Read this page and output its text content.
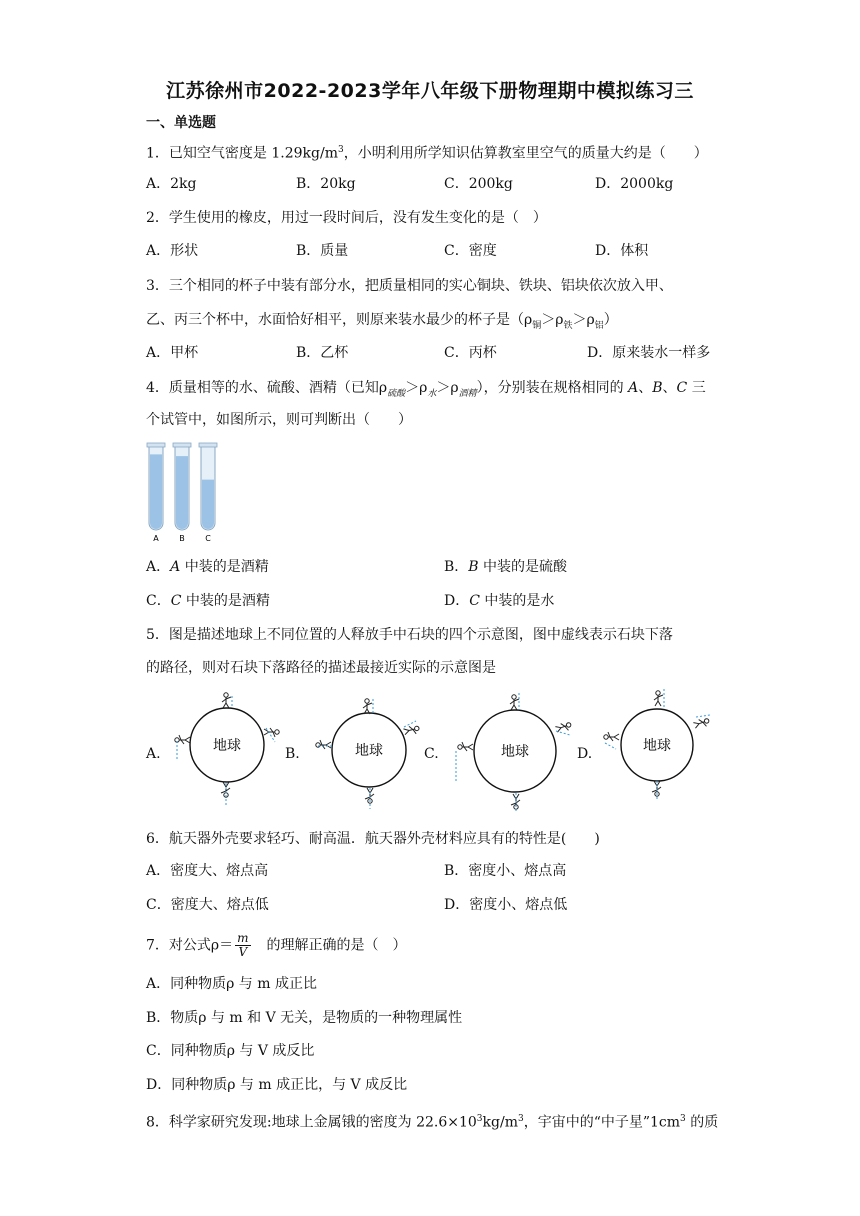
江苏徐州市2022-2023学年八年级下册物理期中模拟练习三
一、单选题
1．已知空气密度是 $1.29kg/m^3$，小明利用所学知识估算教室里空气的质量大约是（　　）
A．2kg	B．20kg	C．200kg	D．2000kg
2．学生使用的橡皮，用过一段时间后，没有发生变化的是（　）
A．形状	B．质量	C．密度	D．体积
3．三个相同的杯子中装有部分水，把质量相同的实心铜块、铁块、铝块依次放入甲、
乙、丙三个杯中，水面恰好相平，则原来装水最少的杯子是$(\rho_铜>\rho_铁>\rho_铝)$
A．甲杯	B．乙杯	C．丙杯	D．原来装水一样多
4．质量相等的水、硫酸、酒精（已知$\rho_{硫酸}>\rho_水>\rho_{酒精}$），分别装在规格相同的 A、B、C 三
个试管中，如图所示，则可判断出（　　）
A	B	C
A．A 中装的是酒精	B．B 中装的是硫酸
C．C 中装的是酒精	D．C 中装的是水
5．图是描述地球上不同位置的人释放手中石块的四个示意图，图中虚线表示石块下落
的路径，则对石块下落路径的描述最接近实际的示意图是
A.	B.	C.	D.
地球	地球	地球	地球
6．航天器外壳要求轻巧、耐高温．航天器外壳材料应具有的特性是(　　)
A．密度大、熔点高	B．密度小、熔点高
C．密度大、熔点低	D．密度小、熔点低
7．对公式$\rho= \frac{m}{V}$ 　的理解正确的是（　）
A．同种物质ρ 与 m 成正比
B．物质ρ 与 m 和 V 无关，是物质的一种物理属性
C．同种物质ρ 与 V 成反比
D．同种物质ρ 与 m 成正比，与 V 成反比
8．科学家研究发现:地球上金属锇的密度为 $22.6\times 10^3kg/m^3$，宇宙中的“中子星$”1cm^3$ 的质
